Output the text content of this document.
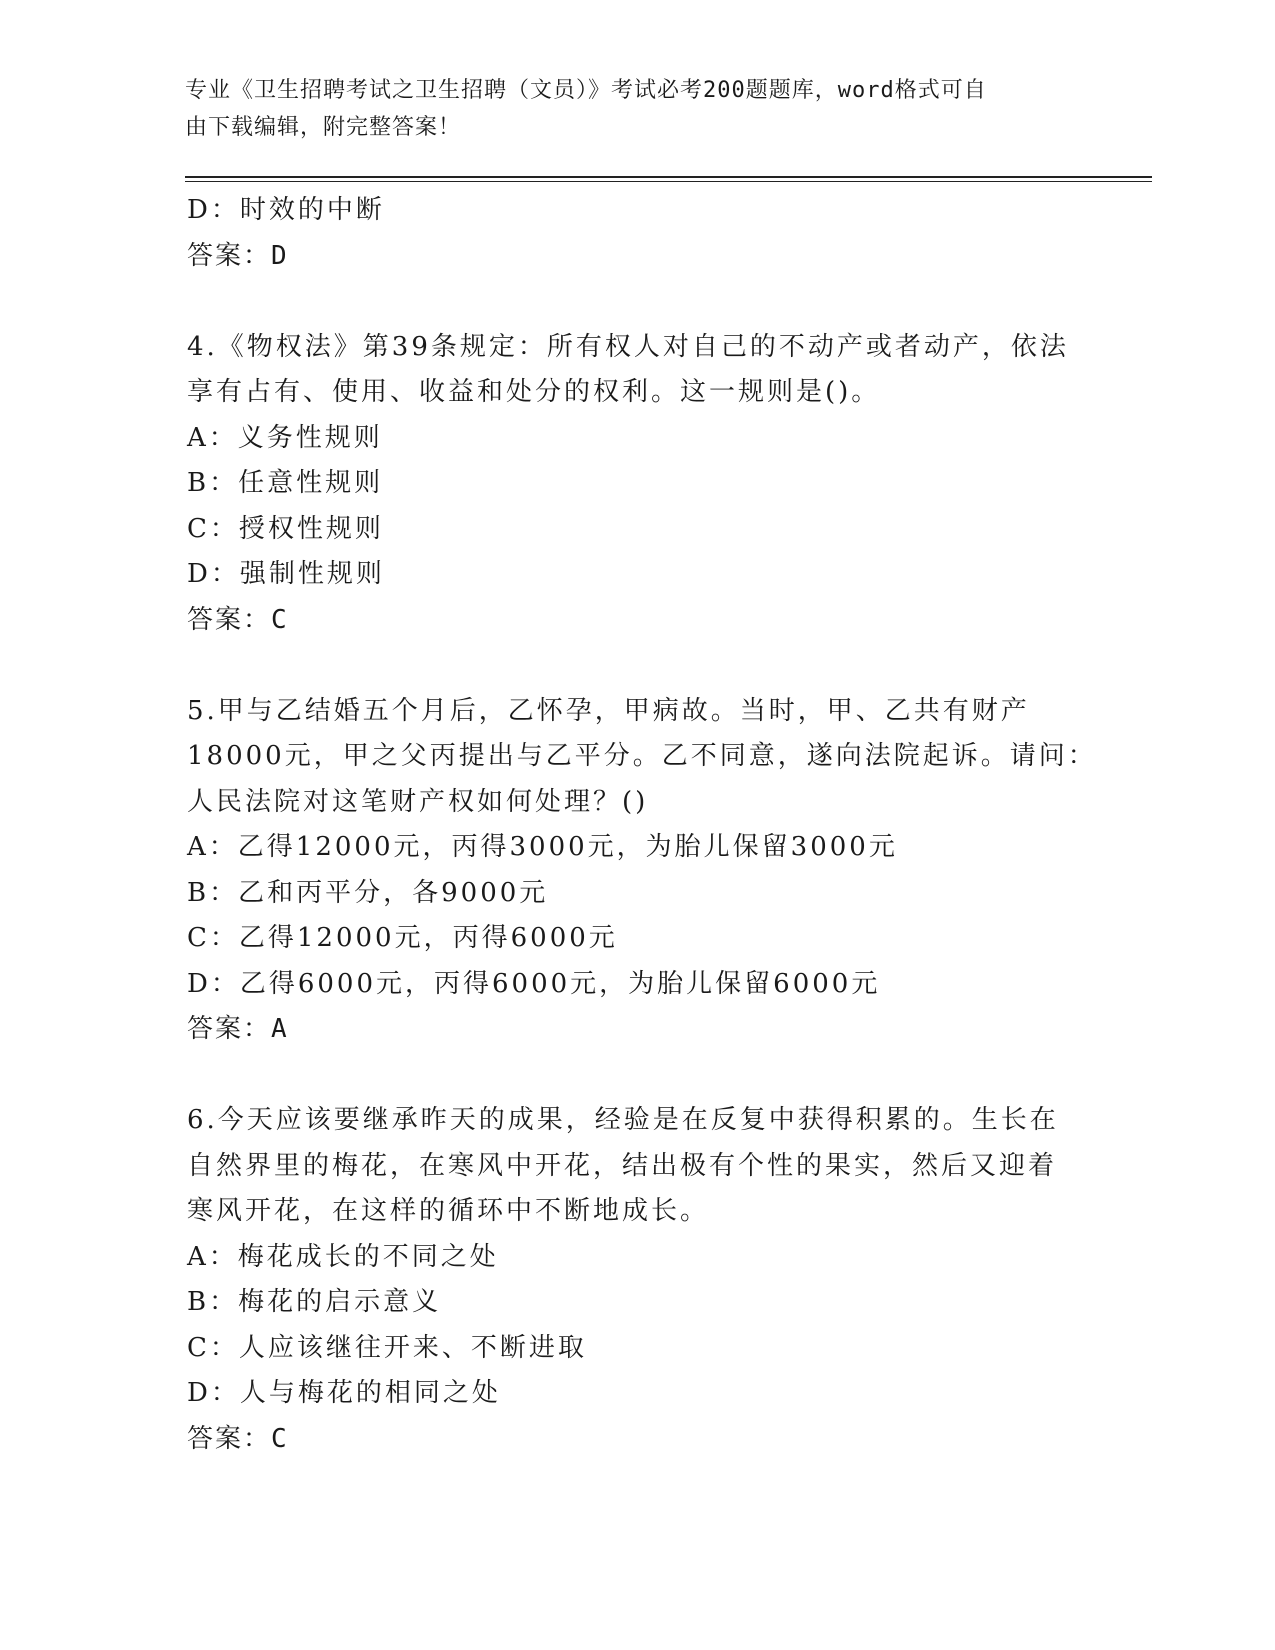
专业《卫生招聘考试之卫生招聘（文员）》考试必考200题题库，word格式可自
由下载编辑，附完整答案！
D：时效的中断
答案：D
4.《物权法》第39条规定：所有权人对自己的不动产或者动产，依法
享有占有、使用、收益和处分的权利。这一规则是()。
A：义务性规则
B：任意性规则
C：授权性规则
D：强制性规则
答案：C
5.甲与乙结婚五个月后，乙怀孕，甲病故。当时，甲、乙共有财产
18000元，甲之父丙提出与乙平分。乙不同意，遂向法院起诉。请问：
人民法院对这笔财产权如何处理？()
A：乙得12000元，丙得3000元，为胎儿保留3000元
B：乙和丙平分，各9000元
C：乙得12000元，丙得6000元
D：乙得6000元，丙得6000元，为胎儿保留6000元
答案：A
6.今天应该要继承昨天的成果，经验是在反复中获得积累的。生长在
自然界里的梅花，在寒风中开花，结出极有个性的果实，然后又迎着
寒风开花，在这样的循环中不断地成长。
A：梅花成长的不同之处
B：梅花的启示意义
C：人应该继往开来、不断进取
D：人与梅花的相同之处
答案：C
